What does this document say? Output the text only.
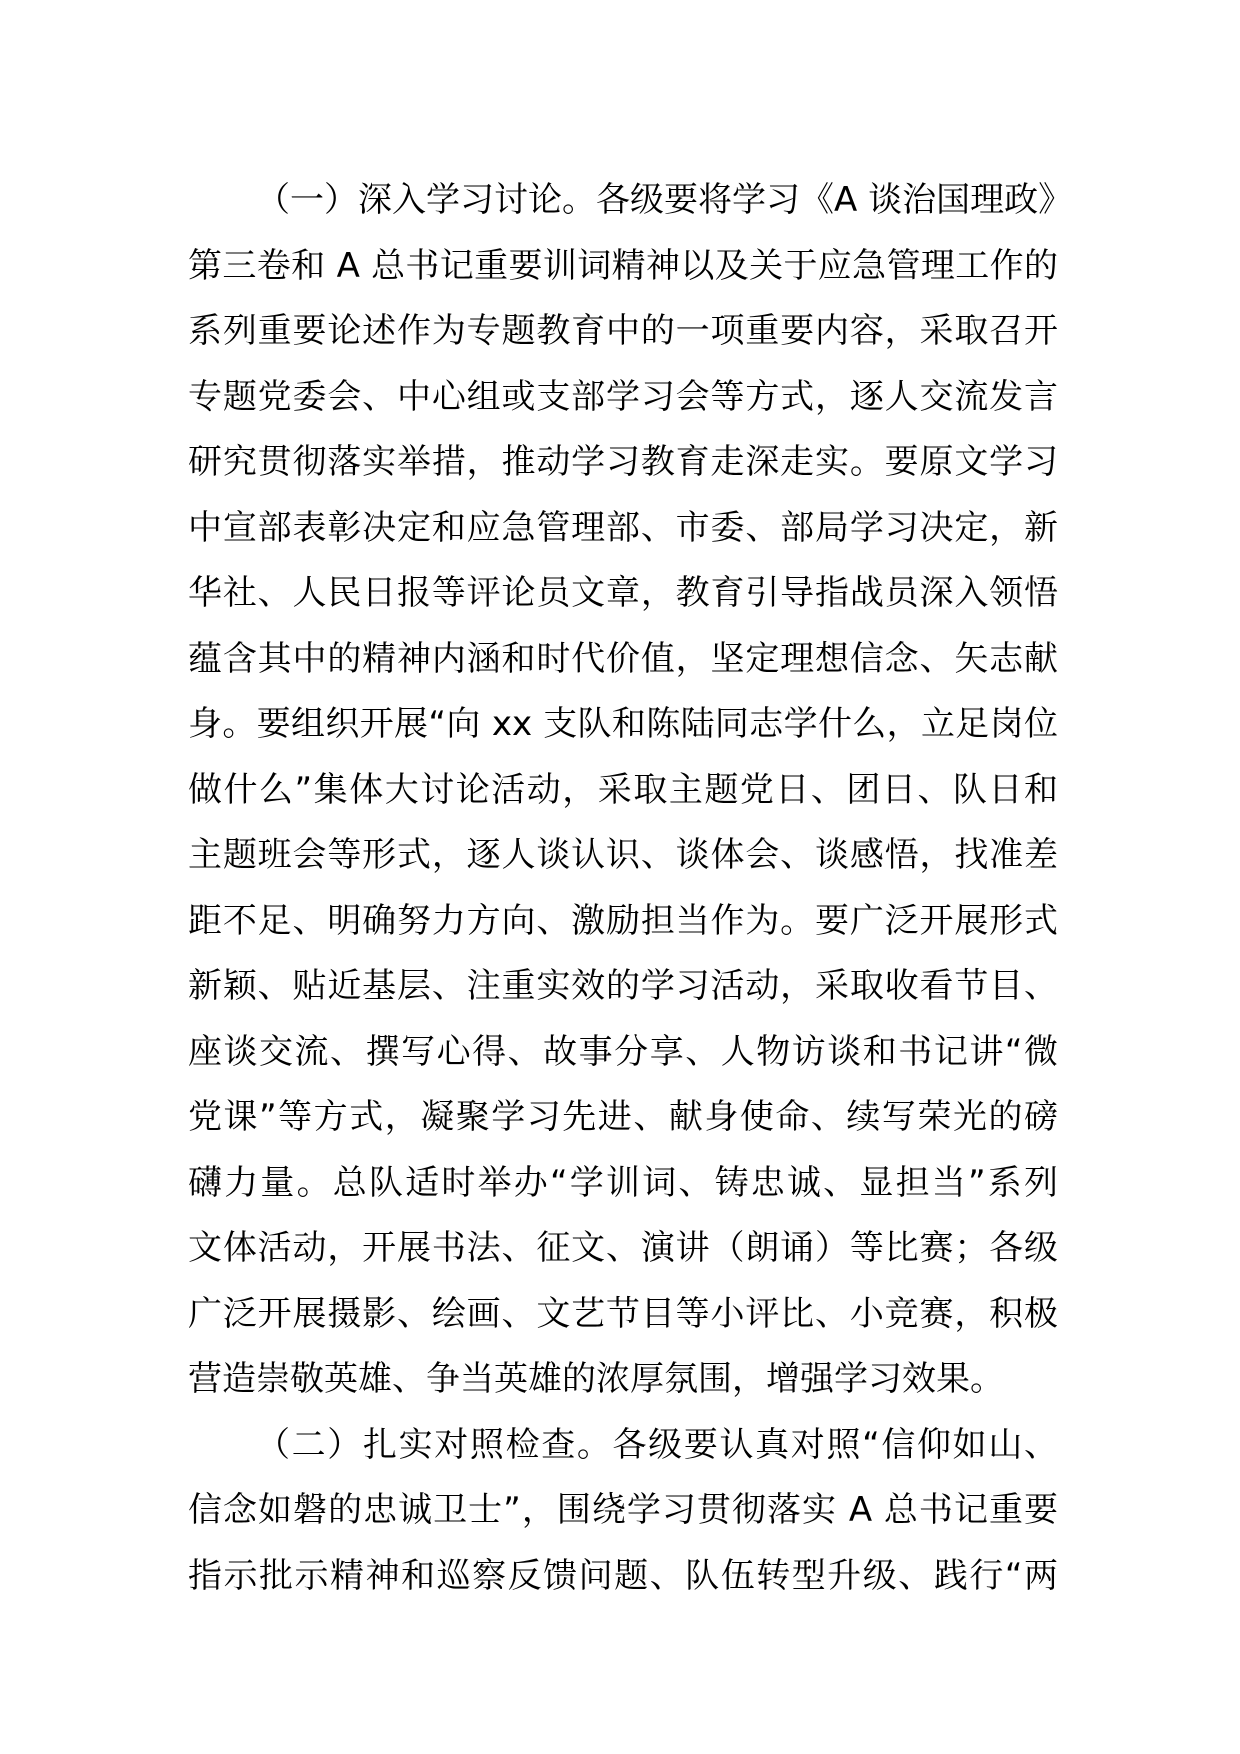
（一）深入学习讨论。各级要将学习《A 谈治国理政》
第三卷和 A 总书记重要训词精神以及关于应急管理工作的
系列重要论述作为专题教育中的一项重要内容，采取召开
专题党委会、中心组或支部学习会等方式，逐人交流发言
研究贯彻落实举措，推动学习教育走深走实。要原文学习
中宣部表彰决定和应急管理部、市委、部局学习决定，新
华社、人民日报等评论员文章，教育引导指战员深入领悟
蕴含其中的精神内涵和时代价值，坚定理想信念、矢志献
身。要组织开展“向 xx 支队和陈陆同志学什么，立足岗位
做什么”集体大讨论活动，采取主题党日、团日、队日和
主题班会等形式，逐人谈认识、谈体会、谈感悟，找准差
距不足、明确努力方向、激励担当作为。要广泛开展形式
新颖、贴近基层、注重实效的学习活动，采取收看节目、
座谈交流、撰写心得、故事分享、人物访谈和书记讲“微
党课”等方式，凝聚学习先进、献身使命、续写荣光的磅
礴力量。总队适时举办“学训词、铸忠诚、显担当”系列
文体活动，开展书法、征文、演讲（朗诵）等比赛；各级
广泛开展摄影、绘画、文艺节目等小评比、小竞赛，积极
营造崇敬英雄、争当英雄的浓厚氛围，增强学习效果。
（二）扎实对照检查。各级要认真对照“信仰如山、
信念如磐的忠诚卫士”，围绕学习贯彻落实 A 总书记重要
指示批示精神和巡察反馈问题、队伍转型升级、践行“两
